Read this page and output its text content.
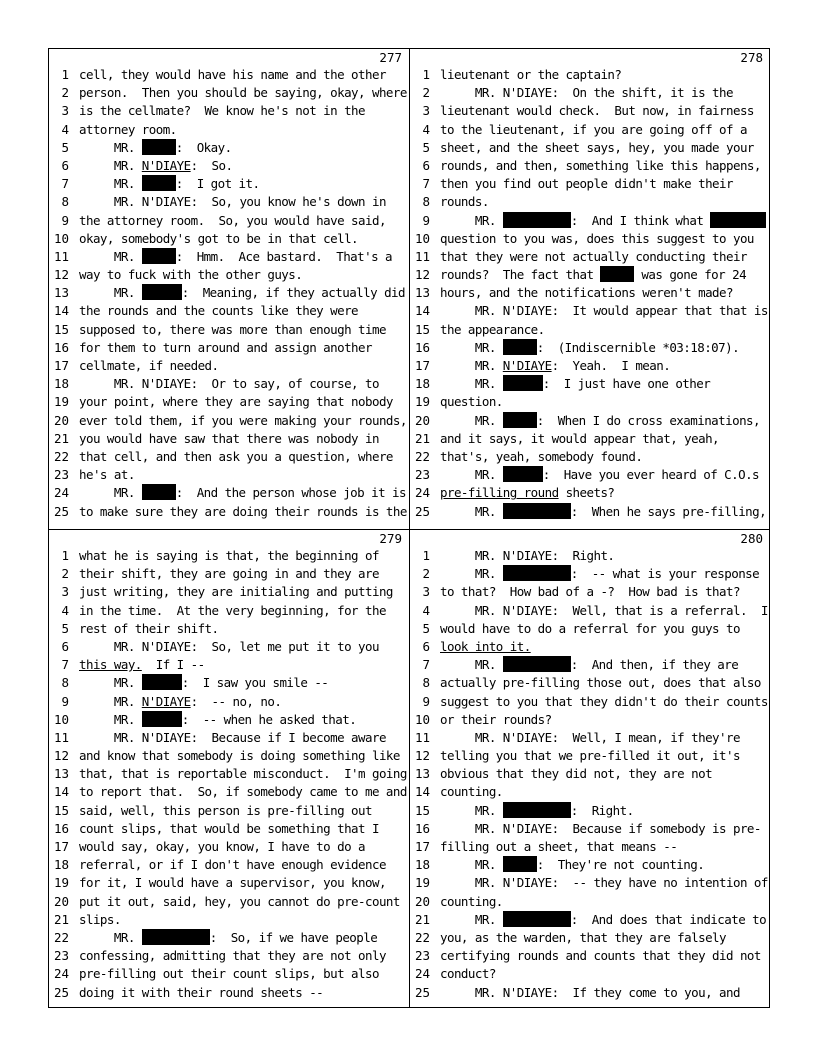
277
1 cell, they would have his name and the other
2 person.  Then you should be saying, okay, where
3 is the cellmate?  We know he's not in the
4 attorney room.
5 MR.	:  Okay.
6 MR. N'DIAYE:  So.
7 MR.	:  I got it.
8 MR. N'DIAYE:  So, you know he's down in
9 the attorney room.  So, you would have said,
10 okay, somebody's got to be in that cell.
11 MR.	:  Hmm.  Ace bastard.  That's a
12 way to fuck with the other guys.
13 MR.	:  Meaning, if they actually did
14 the rounds and the counts like they were
15 supposed to, there was more than enough time
16 for them to turn around and assign another
17 cellmate, if needed.
18 MR. N'DIAYE:  Or to say, of course, to
19 your point, where they are saying that nobody
20 ever told them, if you were making your rounds,
21 you would have saw that there was nobody in
22 that cell, and then ask you a question, where
23 he's at.
24 MR.	:  And the person whose job it is
25 to make sure they are doing their rounds is the
278
1 lieutenant or the captain?
2 MR. N'DIAYE:  On the shift, it is the
3 lieutenant would check.  But now, in fairness
4 to the lieutenant, if you are going off of a
5 sheet, and the sheet says, hey, you made your
6 rounds, and then, something like this happens,
7 then you find out people didn't make their
8 rounds.
9 MR.	:  And I think what
10 question to you was, does this suggest to you
11 that they were not actually conducting their
12 rounds?  The fact that	was gone for 24
13 hours, and the notifications weren't made?
14 MR. N'DIAYE:  It would appear that that is
15 the appearance.
16 MR.	:  (Indiscernible *03:18:07).
17 MR. N'DIAYE:  Yeah.  I mean.
18 MR.	:  I just have one other
19 question.
20 MR.	:  When I do cross examinations,
21 and it says, it would appear that, yeah,
22 that's, yeah, somebody found.
23 MR.	:  Have you ever heard of C.O.s
24 pre-filling round sheets?
25 MR.	:  When he says pre-filling,
279
1 what he is saying is that, the beginning of
2 their shift, they are going in and they are
3 just writing, they are initialing and putting
4 in the time.  At the very beginning, for the
5 rest of their shift.
6 MR. N'DIAYE:  So, let me put it to you
7 this way.  If I --
8 MR.	:  I saw you smile --
9 MR. N'DIAYE:  -- no, no.
10 MR.	:  -- when he asked that.
11 MR. N'DIAYE:  Because if I become aware
12 and know that somebody is doing something like
13 that, that is reportable misconduct.  I'm going
14 to report that.  So, if somebody came to me and
15 said, well, this person is pre-filling out
16 count slips, that would be something that I
17 would say, okay, you know, I have to do a
18 referral, or if I don't have enough evidence
19 for it, I would have a supervisor, you know,
20 put it out, said, hey, you cannot do pre-count
21 slips.
22 MR.	:  So, if we have people
23 confessing, admitting that they are not only
24 pre-filling out their count slips, but also
25 doing it with their round sheets --
280
1 MR. N'DIAYE:  Right.
2 MR.	:  -- what is your response
3 to that?  How bad of a -?  How bad is that?
4 MR. N'DIAYE:  Well, that is a referral.  I
5 would have to do a referral for you guys to
6 look into it.
7 MR.	:  And then, if they are
8 actually pre-filling those out, does that also
9 suggest to you that they didn't do their counts
10 or their rounds?
11 MR. N'DIAYE:  Well, I mean, if they're
12 telling you that we pre-filled it out, it's
13 obvious that they did not, they are not
14 counting.
15 MR.	:  Right.
16 MR. N'DIAYE:  Because if somebody is pre-
17 filling out a sheet, that means --
18 MR.	:  They're not counting.
19 MR. N'DIAYE:  -- they have no intention of
20 counting.
21 MR.	:  And does that indicate to
22 you, as the warden, that they are falsely
23 certifying rounds and counts that they did not
24 conduct?
25 MR. N'DIAYE:  If they come to you, and
